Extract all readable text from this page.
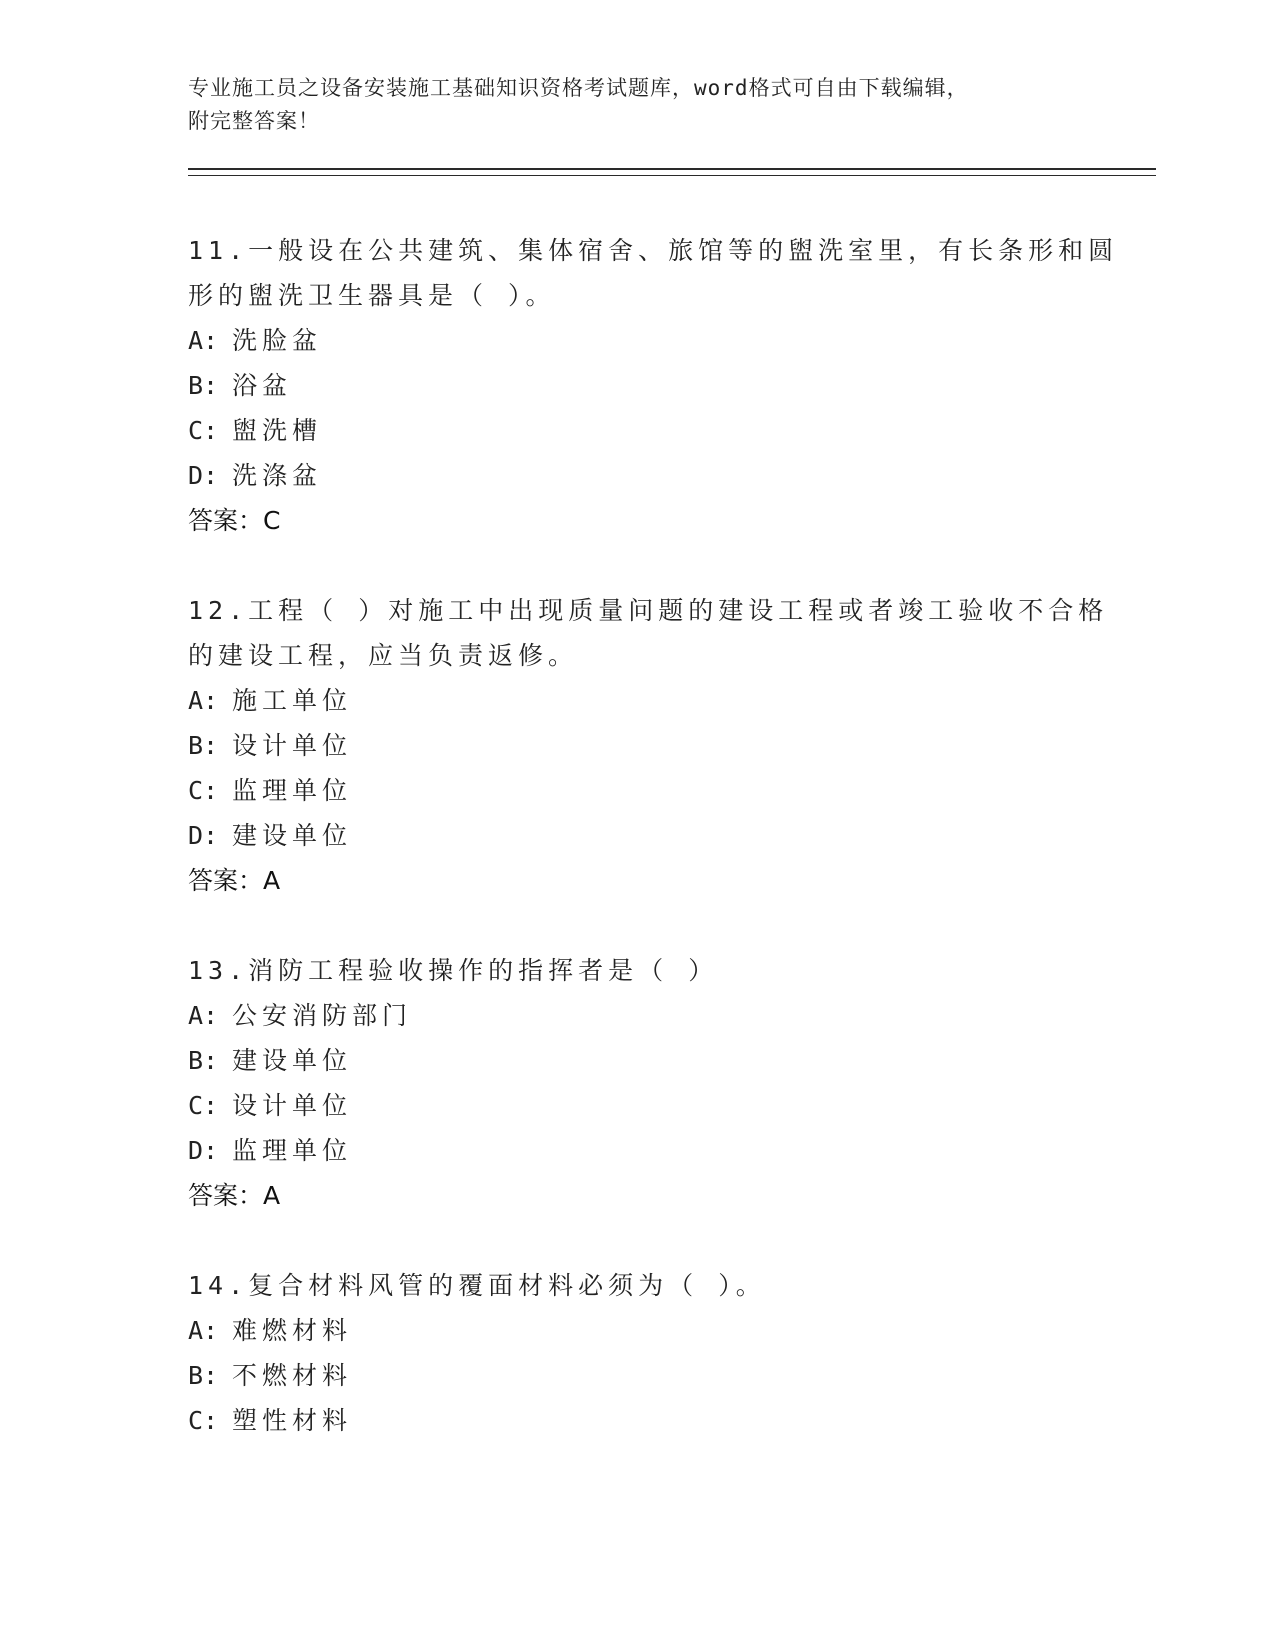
专业施工员之设备安装施工基础知识资格考试题库，word格式可自由下载编辑，
附完整答案！
11.一般设在公共建筑、集体宿舍、旅馆等的盥洗室里，有长条形和圆
形的盥洗卫生器具是（ ）。
A: 洗脸盆
B: 浴盆
C: 盥洗槽
D: 洗涤盆
答案：C
12.工程（ ）对施工中出现质量问题的建设工程或者竣工验收不合格
的建设工程，应当负责返修。
A: 施工单位
B: 设计单位
C: 监理单位
D: 建设单位
答案：A
13.消防工程验收操作的指挥者是（ ）
A: 公安消防部门
B: 建设单位
C: 设计单位
D: 监理单位
答案：A
14.复合材料风管的覆面材料必须为（ ）。
A: 难燃材料
B: 不燃材料
C: 塑性材料
